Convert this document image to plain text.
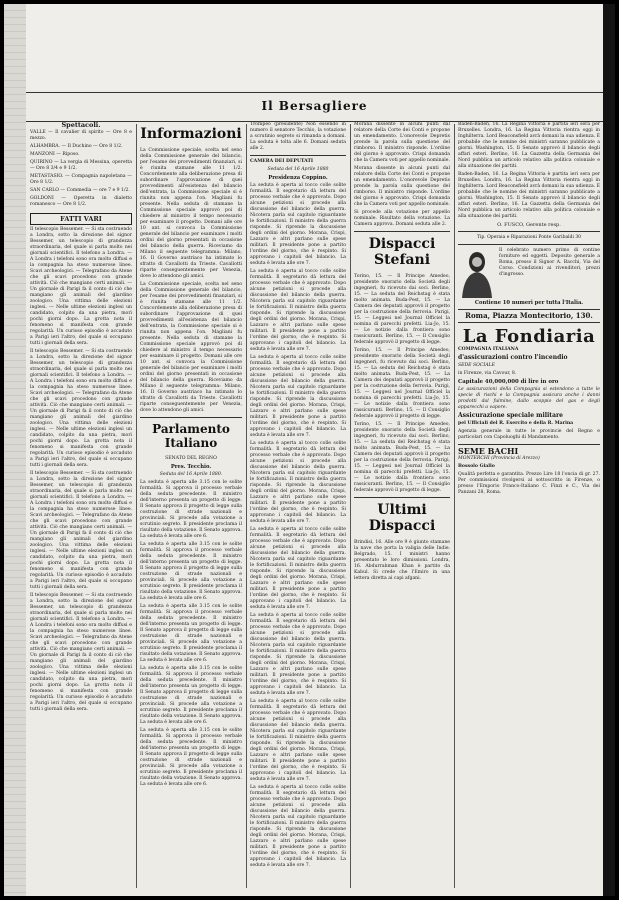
Il Bersagliere

Spettacoli.

VALLE — Il cavalier di spirito — Ore 8 e mezzo.

ALHAMBRA. — Il Duchino — Ore 8 1/2.

MANZONI — Riposo.

QUIRINO — La vergia di Messina, operetta — Ore 8 3/4 e 9 1/2.

METASTASIO. — Compagnia napoletana — Ore 8 1/2.

SAN CARLO — Commedia — ore 7 e 9 1/2.

GOLDONI — Operetta in dialetto romanesco — Ore 8 1/2.

FATTI VARI

Il telescopio Bessemer. — Si sta costruendo a Londra, sotto la direzione del signor Bessemer, un telescopio di grandezza straordinaria, del quale si parla molto nei giornali scientifici. Il telefono a Londra. — A Londra i telefoni sono ora molto diffusi e la compagnia ha steso numerose linee. Scavi archeologici. — Telegrafano da Atene che gli scavi procedono con grande attività. Ciò che mangiano certi animali. — Un giornale di Parigi fa il conto di ciò che mangiano gli animali del giardino zoologico. Una vittima delle elezioni inglesi. — Nelle ultime elezioni inglesi un candidato, colpito da una pietra, morì pochi giorni dopo. La grotta nota il fenomeno si manifesta con grande regolarità. Un curioso episodio è accaduto a Parigi ieri l'altro, del quale si occupano tutti i giornali della sera.

Il telescopio Bessemer. — Si sta costruendo a Londra, sotto la direzione del signor Bessemer, un telescopio di grandezza straordinaria, del quale si parla molto nei giornali scientifici. Il telefono a Londra. — A Londra i telefoni sono ora molto diffusi e la compagnia ha steso numerose linee. Scavi archeologici. — Telegrafano da Atene che gli scavi procedono con grande attività. Ciò che mangiano certi animali. — Un giornale di Parigi fa il conto di ciò che mangiano gli animali del giardino zoologico. Una vittima delle elezioni inglesi. — Nelle ultime elezioni inglesi un candidato, colpito da una pietra, morì pochi giorni dopo. La grotta nota il fenomeno si manifesta con grande regolarità. Un curioso episodio è accaduto a Parigi ieri l'altro, del quale si occupano tutti i giornali della sera.

Il telescopio Bessemer. — Si sta costruendo a Londra, sotto la direzione del signor Bessemer, un telescopio di grandezza straordinaria, del quale si parla molto nei giornali scientifici. Il telefono a Londra. — A Londra i telefoni sono ora molto diffusi e la compagnia ha steso numerose linee. Scavi archeologici. — Telegrafano da Atene che gli scavi procedono con grande attività. Ciò che mangiano certi animali. — Un giornale di Parigi fa il conto di ciò che mangiano gli animali del giardino zoologico. Una vittima delle elezioni inglesi. — Nelle ultime elezioni inglesi un candidato, colpito da una pietra, morì pochi giorni dopo. La grotta nota il fenomeno si manifesta con grande regolarità. Un curioso episodio è accaduto a Parigi ieri l'altro, del quale si occupano tutti i giornali della sera.

Il telescopio Bessemer. — Si sta costruendo a Londra, sotto la direzione del signor Bessemer, un telescopio di grandezza straordinaria, del quale si parla molto nei giornali scientifici. Il telefono a Londra. — A Londra i telefoni sono ora molto diffusi e la compagnia ha steso numerose linee. Scavi archeologici. — Telegrafano da Atene che gli scavi procedono con grande attività. Ciò che mangiano certi animali. — Un giornale di Parigi fa il conto di ciò che mangiano gli animali del giardino zoologico. Una vittima delle elezioni inglesi. — Nelle ultime elezioni inglesi un candidato, colpito da una pietra, morì pochi giorni dopo. La grotta nota il fenomeno si manifesta con grande regolarità. Un curioso episodio è accaduto a Parigi ieri l'altro, del quale si occupano tutti i giornali della sera.

Informazioni

La Commissione speciale, scelta nel seno della Commissione generale del bilancio, per l'esame dei provvedimenti finanziari, si è riunita stamane alle 11 1/2. Concordemente alla deliberazione presa di subordinare l'approvazione di quei provvedimenti all'esistenza del bilancio dell'entrata, la Commissione speciale si è riunita non appena l'on. Magliani fu presente. Nella seduta di stamane la Commissione speciale approvò poi di chiedere al ministro il tempo necessario per esaminare il progetto. Domani alle ore 10 ant. si convoca la Commissione generale del bilancio per esaminare i molti ordini del giorno presentati in occasione del bilancio della guerra. Riceviamo da Milano il seguente telegramma: Milano, 16. Il Governo austriaco ha intimato lo sfratto di Cavallotti da Trieste. Cavallotti riparte conseguentemente per Venezia, dove lo attendono gli amici.

La Commissione speciale, scelta nel seno della Commissione generale del bilancio, per l'esame dei provvedimenti finanziari, si è riunita stamane alle 11 1/2. Concordemente alla deliberazione presa di subordinare l'approvazione di quei provvedimenti all'esistenza del bilancio dell'entrata, la Commissione speciale si è riunita non appena l'on. Magliani fu presente. Nella seduta di stamane la Commissione speciale approvò poi di chiedere al ministro il tempo necessario per esaminare il progetto. Domani alle ore 10 ant. si convoca la Commissione generale del bilancio per esaminare i molti ordini del giorno presentati in occasione del bilancio della guerra. Riceviamo da Milano il seguente telegramma: Milano, 16. Il Governo austriaco ha intimato lo sfratto di Cavallotti da Trieste. Cavallotti riparte conseguentemente per Venezia, dove lo attendono gli amici.

Parlamento Italiano

SENATO DEL REGNO

Pres. Tecchio.

Seduta del 16 Aprile 1880.

La seduta è aperta alle 3.15 con le solite formalità. Si approva il processo verbale della seduta precedente. Il ministro dell'interno presenta un progetto di legge. Il Senato approva il progetto di legge sulla costruzione di strade nazionali e provinciali. Si procede alla votazione a scrutinio segreto. Il presidente proclama il risultato della votazione. Il Senato approva. La seduta è levata alle ore 6.

La seduta è aperta alle 3.15 con le solite formalità. Si approva il processo verbale della seduta precedente. Il ministro dell'interno presenta un progetto di legge. Il Senato approva il progetto di legge sulla costruzione di strade nazionali e provinciali. Si procede alla votazione a scrutinio segreto. Il presidente proclama il risultato della votazione. Il Senato approva. La seduta è levata alle ore 6.

La seduta è aperta alle 3.15 con le solite formalità. Si approva il processo verbale della seduta precedente. Il ministro dell'interno presenta un progetto di legge. Il Senato approva il progetto di legge sulla costruzione di strade nazionali e provinciali. Si procede alla votazione a scrutinio segreto. Il presidente proclama il risultato della votazione. Il Senato approva. La seduta è levata alle ore 6.

La seduta è aperta alle 3.15 con le solite formalità. Si approva il processo verbale della seduta precedente. Il ministro dell'interno presenta un progetto di legge. Il Senato approva il progetto di legge sulla costruzione di strade nazionali e provinciali. Si procede alla votazione a scrutinio segreto. Il presidente proclama il risultato della votazione. Il Senato approva. La seduta è levata alle ore 6.

La seduta è aperta alle 3.15 con le solite formalità. Si approva il processo verbale della seduta precedente. Il ministro dell'interno presenta un progetto di legge. Il Senato approva il progetto di legge sulla costruzione di strade nazionali e provinciali. Si procede alla votazione a scrutinio segreto. Il presidente proclama il risultato della votazione. Il Senato approva. La seduta è levata alle ore 6.

Trompeo (presidente) Non essendo in numero il senatore Tecchio, la votazione a scrutinio segreto si rimanda a domani. La seduta è tolta alle 6. Domani seduta alle 2.

CAMERA DEI DEPUTATI

Seduta del 16 Aprile 1880

Presidenza Coppino.

La seduta è aperta al tocco colle solite formalità. Il segretario dà lettura del processo verbale che è approvato. Dopo alcune petizioni si procede alla discussione del bilancio della guerra. Nicotera parla sul capitolo riguardante le fortificazioni. Il ministro della guerra risponde. Si riprende la discussione degli ordini del giorno. Morana, Crispi, Lazzaro e altri parlano sulle spese militari. Il presidente pone a partito l'ordine del giorno, che è respinto. Si approvano i capitoli del bilancio. La seduta è levata alle ore 7.

La seduta è aperta al tocco colle solite formalità. Il segretario dà lettura del processo verbale che è approvato. Dopo alcune petizioni si procede alla discussione del bilancio della guerra. Nicotera parla sul capitolo riguardante le fortificazioni. Il ministro della guerra risponde. Si riprende la discussione degli ordini del giorno. Morana, Crispi, Lazzaro e altri parlano sulle spese militari. Il presidente pone a partito l'ordine del giorno, che è respinto. Si approvano i capitoli del bilancio. La seduta è levata alle ore 7.

La seduta è aperta al tocco colle solite formalità. Il segretario dà lettura del processo verbale che è approvato. Dopo alcune petizioni si procede alla discussione del bilancio della guerra. Nicotera parla sul capitolo riguardante le fortificazioni. Il ministro della guerra risponde. Si riprende la discussione degli ordini del giorno. Morana, Crispi, Lazzaro e altri parlano sulle spese militari. Il presidente pone a partito l'ordine del giorno, che è respinto. Si approvano i capitoli del bilancio. La seduta è levata alle ore 7.

La seduta è aperta al tocco colle solite formalità. Il segretario dà lettura del processo verbale che è approvato. Dopo alcune petizioni si procede alla discussione del bilancio della guerra. Nicotera parla sul capitolo riguardante le fortificazioni. Il ministro della guerra risponde. Si riprende la discussione degli ordini del giorno. Morana, Crispi, Lazzaro e altri parlano sulle spese militari. Il presidente pone a partito l'ordine del giorno, che è respinto. Si approvano i capitoli del bilancio. La seduta è levata alle ore 7.

La seduta è aperta al tocco colle solite formalità. Il segretario dà lettura del processo verbale che è approvato. Dopo alcune petizioni si procede alla discussione del bilancio della guerra. Nicotera parla sul capitolo riguardante le fortificazioni. Il ministro della guerra risponde. Si riprende la discussione degli ordini del giorno. Morana, Crispi, Lazzaro e altri parlano sulle spese militari. Il presidente pone a partito l'ordine del giorno, che è respinto. Si approvano i capitoli del bilancio. La seduta è levata alle ore 7.

La seduta è aperta al tocco colle solite formalità. Il segretario dà lettura del processo verbale che è approvato. Dopo alcune petizioni si procede alla discussione del bilancio della guerra. Nicotera parla sul capitolo riguardante le fortificazioni. Il ministro della guerra risponde. Si riprende la discussione degli ordini del giorno. Morana, Crispi, Lazzaro e altri parlano sulle spese militari. Il presidente pone a partito l'ordine del giorno, che è respinto. Si approvano i capitoli del bilancio. La seduta è levata alle ore 7.

La seduta è aperta al tocco colle solite formalità. Il segretario dà lettura del processo verbale che è approvato. Dopo alcune petizioni si procede alla discussione del bilancio della guerra. Nicotera parla sul capitolo riguardante le fortificazioni. Il ministro della guerra risponde. Si riprende la discussione degli ordini del giorno. Morana, Crispi, Lazzaro e altri parlano sulle spese militari. Il presidente pone a partito l'ordine del giorno, che è respinto. Si approvano i capitoli del bilancio. La seduta è levata alle ore 7.

La seduta è aperta al tocco colle solite formalità. Il segretario dà lettura del processo verbale che è approvato. Dopo alcune petizioni si procede alla discussione del bilancio della guerra. Nicotera parla sul capitolo riguardante le fortificazioni. Il ministro della guerra risponde. Si riprende la discussione degli ordini del giorno. Morana, Crispi, Lazzaro e altri parlano sulle spese militari. Il presidente pone a partito l'ordine del giorno, che è respinto. Si approvano i capitoli del bilancio. La seduta è levata alle ore 7.

Morana dissente in alcuni punti dal relatore della Corte dei Conti e propone un emendamento. L'onorevole Depretis prende la parola sulla questione del rimborso. Il ministro risponde. L'ordine del giorno è approvato. Crispi domanda che la Camera voti per appello nominale.

Morana dissente in alcuni punti dal relatore della Corte dei Conti e propone un emendamento. L'onorevole Depretis prende la parola sulla questione del rimborso. Il ministro risponde. L'ordine del giorno è approvato. Crispi domanda che la Camera voti per appello nominale.

Si procede alla votazione per appello nominale. Risultato della votazione. La Camera approva. Domani seduta alle 2.

Dispacci Stefani

Torino, 15. — Il Principe Amedeo, presidente onorario della Società degli ingegneri, fu ricevuto dai soci. Berlino, 15. — La seduta del Reichstag è stata molto animata. Buda-Pest, 15. — La Camera dei deputati approvò il progetto per la costruzione della ferrovia. Parigi, 15. — Leggesi nel Journal Officiel la nomina di parecchi prefetti. Lia-Jo, 15. — Le notizie dalla frontiera sono rassicuranti. Berlino, 15. — Il Consiglio federale approvò il progetto di legge.

Torino, 15. — Il Principe Amedeo, presidente onorario della Società degli ingegneri, fu ricevuto dai soci. Berlino, 15. — La seduta del Reichstag è stata molto animata. Buda-Pest, 15. — La Camera dei deputati approvò il progetto per la costruzione della ferrovia. Parigi, 15. — Leggesi nel Journal Officiel la nomina di parecchi prefetti. Lia-Jo, 15. — Le notizie dalla frontiera sono rassicuranti. Berlino, 15. — Il Consiglio federale approvò il progetto di legge.

Torino, 15. — Il Principe Amedeo, presidente onorario della Società degli ingegneri, fu ricevuto dai soci. Berlino, 15. — La seduta del Reichstag è stata molto animata. Buda-Pest, 15. — La Camera dei deputati approvò il progetto per la costruzione della ferrovia. Parigi, 15. — Leggesi nel Journal Officiel la nomina di parecchi prefetti. Lia-Jo, 15. — Le notizie dalla frontiera sono rassicuranti. Berlino, 15. — Il Consiglio federale approvò il progetto di legge.

Ultimi Dispacci

Brindisi, 16. Alle ore 9 è giunto stamane la nave che porta la valigia delle Indie. Belgrado, 15. I ministri hanno presentato le loro dimissioni. Londra, 16. Abdurrahman Khan è partito da Kabul. Si crede che l'Emiro in una lettera diretta ai capi afgani.

Baden-Baden, 16. La Regina Vittoria è partita ieri sera per Bruxelles. Londra, 16. La Regina Vittoria rientra oggi in Inghilterra. Lord Beaconsfield avrà domani la sua udienza. È probabile che le nomine dei ministri saranno pubblicate a giorni. Washington, 15. Il Senato approvò il bilancio degli affari esteri. Berlino, 16. La Gazzetta della Germania del Nord pubblica un articolo relativo alla politica coloniale e alla situazione dei partiti.

Baden-Baden, 16. La Regina Vittoria è partita ieri sera per Bruxelles. Londra, 16. La Regina Vittoria rientra oggi in Inghilterra. Lord Beaconsfield avrà domani la sua udienza. È probabile che le nomine dei ministri saranno pubblicate a giorni. Washington, 15. Il Senato approvò il bilancio degli affari esteri. Berlino, 16. La Gazzetta della Germania del Nord pubblica un articolo relativo alla politica coloniale e alla situazione dei partiti.

O. FUSCO, Gerente resp.

Tip. Operaia e Riparazioni Ponte Garibaldi 30

Il celebrato numero primo di contine forniture ed oggetti. Deposito generale a Roma, presso il Signor A. Bacchi, Via del Corso. Condizioni ai rivenditori, prezzi d'ingrosso.

Contiene 10 numeri per tutta l'Italia.

Roma, Piazza Montecitorio, 130.

La Fondiaria

COMPAGNIA ITALIANA

d'assicurazioni contro l'incendio

SEDE SOCIALE

in Firenze, via Cavour, 8.

Capitale 40,000,000 di lire in oro

Le assicurazioni della Compagnia si estendono a tutte le specie di rischi e la Compagnia assicura anche i danni prodotti dal fulmine, dallo scoppio del gas e degli apparecchi a vapore.

Assicurazione speciale militare

pel Ufficiali del R. Esercito e della R. Marina

Agenzia generale in tutte le provincie del Regno e particolari con Capoluoghi di Mandamento.

SEME BACHI

MONTERCHI (Provincia di Arezzo)

Bossolo Giallo

Qualità perfetta e garantita. Prezzo Lire 18 l'oncia di gr. 27. Per commissioni rivolgersi al sottoscritto in Firenze, o presso l'Emporio Franco-Italiano C. Finzi e C., Via dei Panzani 28, Roma.
